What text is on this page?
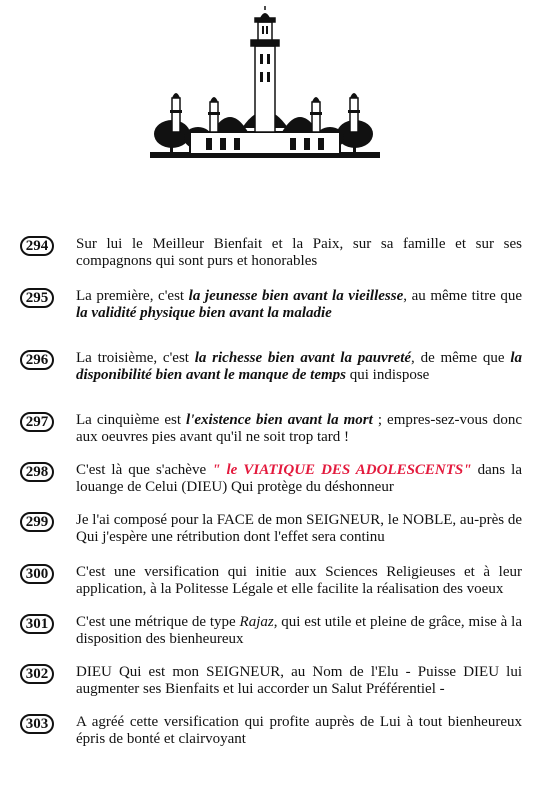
294	Sur lui le Meilleur Bienfait et la Paix, sur sa famille et sur ses compagnons qui sont purs et honorables
295	La première, c'est la jeunesse bien avant la vieillesse, au même titre que la validité physique bien avant la maladie
296	La troisième, c'est la richesse bien avant la pauvreté, de même que la disponibilité bien avant le manque de temps qui indispose
297	La cinquième est l'existence bien avant la mort ; empres-sez-vous donc aux oeuvres pies avant qu'il ne soit trop tard !
298	C'est là que s'achève " le VIATIQUE DES ADOLESCENTS" dans la louange de Celui (DIEU) Qui protège du déshonneur
299	Je l'ai composé pour la FACE de mon SEIGNEUR, le NOBLE, au-près de Qui j'espère une rétribution dont l'effet sera continu
300	C'est une versification qui initie aux Sciences Religieuses et à leur application, à la Politesse Légale et elle facilite la réalisation des voeux
301	C'est une métrique de type Rajaz, qui est utile et pleine de grâce, mise à la disposition des bienheureux
302	DIEU Qui est mon SEIGNEUR, au Nom de l'Elu - Puisse DIEU lui augmenter ses Bienfaits et lui accorder un Salut Préférentiel -
303	A agréé cette versification qui profite auprès de Lui à tout bienheureux épris de bonté et clairvoyant
